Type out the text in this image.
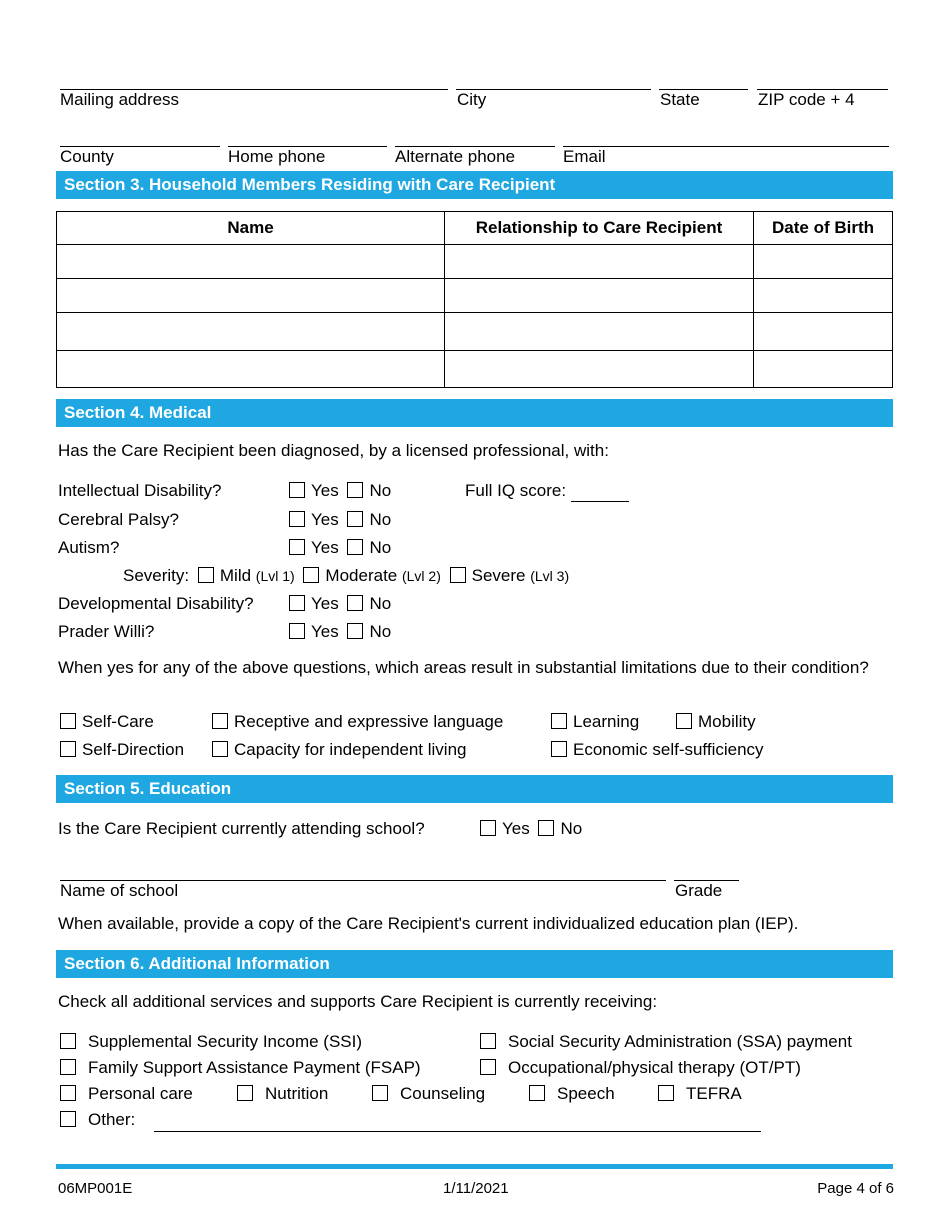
Mailing address	City	State	ZIP code + 4
County	Home phone	Alternate phone	Email
Section 3. Household Members Residing with Care Recipient
Name	Relationship to Care Recipient	Date of Birth

Section 4. Medical
Has the Care Recipient been diagnosed, by a licensed professional, with:
Intellectual Disability?	Yes No	Full IQ score:
Cerebral Palsy?	Yes No
Autism?	Yes No
Severity: Mild (Lvl 1) Moderate (Lvl 2) Severe (Lvl 3)
Developmental Disability?	Yes No
Prader Willi?	Yes No
When yes for any of the above questions, which areas result in substantial limitations due to their condition?
Self-Care	Receptive and expressive language	Learning	Mobility
Self-Direction	Capacity for independent living	Economic self-sufficiency
Section 5. Education
Is the Care Recipient currently attending school?	Yes No
Name of school	Grade
When available, provide a copy of the Care Recipient's current individualized education plan (IEP).
Section 6. Additional Information
Check all additional services and supports Care Recipient is currently receiving:
Supplemental Security Income (SSI)	Social Security Administration (SSA) payment
Family Support Assistance Payment (FSAP)	Occupational/physical therapy (OT/PT)
Personal care	Nutrition	Counseling	Speech	TEFRA
Other:
06MP001E	1/11/2021	Page 4 of 6
